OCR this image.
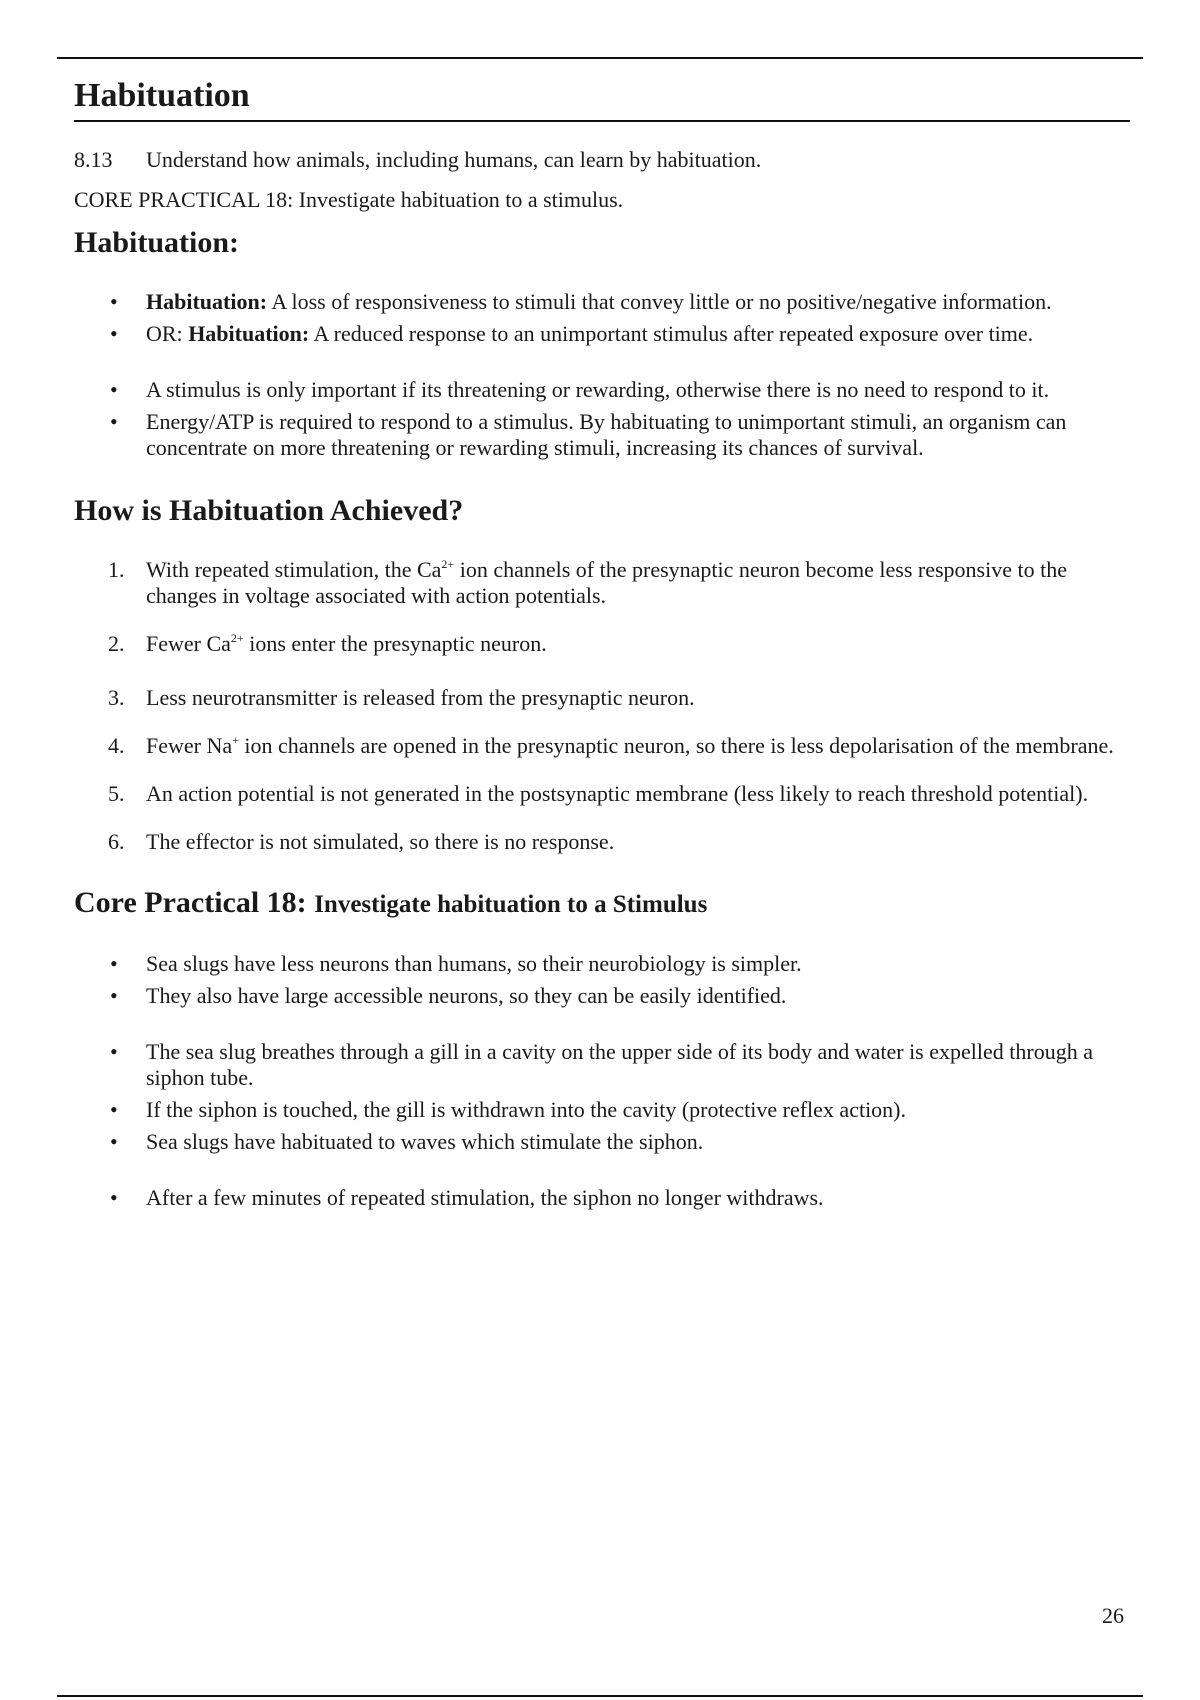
Habituation

8.13 Understand how animals, including humans, can learn by habituation.

CORE PRACTICAL 18: Investigate habituation to a stimulus.

Habituation:
• Habituation: A loss of responsiveness to stimuli that convey little or no positive/negative information.
• OR: Habituation: A reduced response to an unimportant stimulus after repeated exposure over time.
• A stimulus is only important if its threatening or rewarding, otherwise there is no need to respond to it.
• Energy/ATP is required to respond to a stimulus. By habituating to unimportant stimuli, an organism can concentrate on more threatening or rewarding stimuli, increasing its chances of survival.
How is Habituation Achieved?
1. With repeated stimulation, the $Ca^{2+}$ ion channels of the presynaptic neuron become less responsive to the changes in voltage associated with action potentials.
2. Fewer $Ca^{2+}$ ions enter the presynaptic neuron.
3. Less neurotransmitter is released from the presynaptic neuron.
4. Fewer Na+ ion channels are opened in the presynaptic neuron, so there is less depolarisation of the membrane.
5. An action potential is not generated in the postsynaptic membrane (less likely to reach threshold potential).
6. The effector is not simulated, so there is no response.
Core Practical 18: Investigate habituation to a Stimulus
• Sea slugs have less neurons than humans, so their neurobiology is simpler.
• They also have large accessible neurons, so they can be easily identified.
• The sea slug breathes through a gill in a cavity on the upper side of its body and water is expelled through a siphon tube.
• If the siphon is touched, the gill is withdrawn into the cavity (protective reflex action).
• Sea slugs have habituated to waves which stimulate the siphon.
• After a few minutes of repeated stimulation, the siphon no longer withdraws.
26
